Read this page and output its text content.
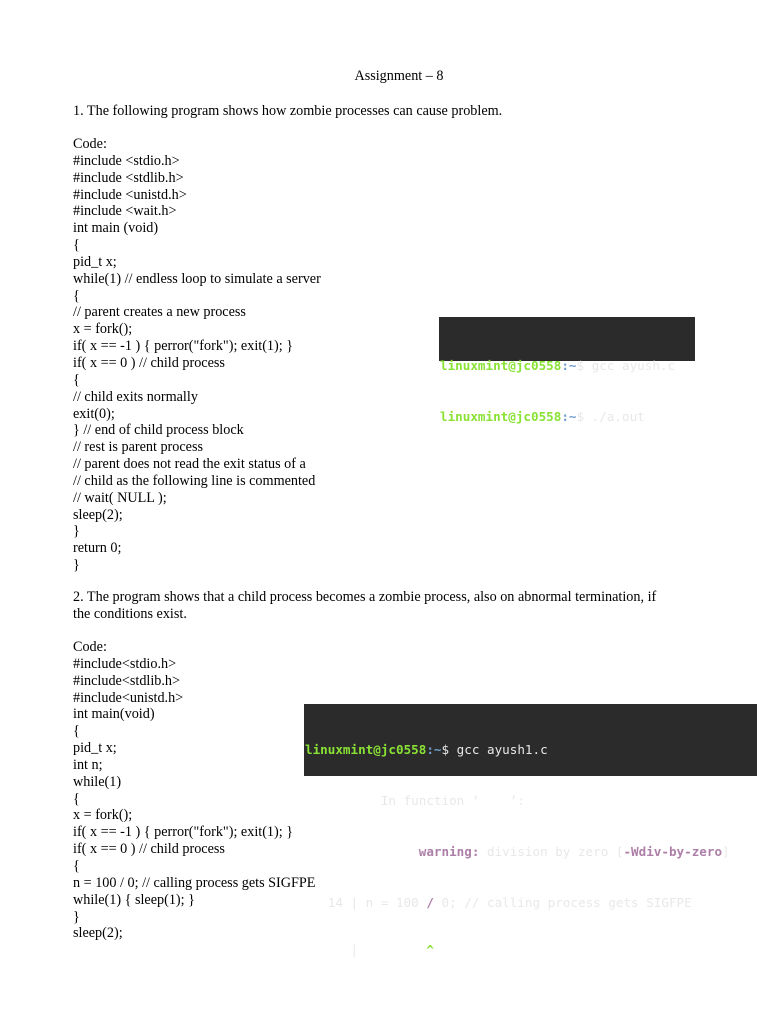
Assignment – 8
1. The following program shows how zombie processes can cause problem.
Code:
#include <stdio.h>
#include <stdlib.h>
#include <unistd.h>
#include <wait.h>
int main (void)
{
pid_t x;
while(1) // endless loop to simulate a server
{
// parent creates a new process
x = fork();
if( x == -1 ) { perror("fork"); exit(1); }
if( x == 0 ) // child process
{
// child exits normally
exit(0);
} // end of child process block
// rest is parent process
// parent does not read the exit status of a
// child as the following line is commented
// wait( NULL );
sleep(2);
}
return 0;
}

linuxmint@jc0558:~$ gcc ayush.c

linuxmint@jc0558:~$ ./a.out

2. The program shows that a child process becomes a zombie process, also on abnormal termination, if the conditions exist.
Code:
#include<stdio.h>
#include<stdlib.h>
#include<unistd.h>
int main(void)
{
pid_t x;
int n;
while(1)
{
x = fork();
if( x == -1 ) { perror("fork"); exit(1); }
if( x == 0 ) // child process
{
n = 100 / 0; // calling process gets SIGFPE
while(1) { sleep(1); }
}
sleep(2);

linuxmint@jc0558:~$ gcc ayush1.c

ayush1.c: In function ‘main’:

ayush1.c:14:9: warning: division by zero [-Wdiv-by-zero]

14 | n = 100 / 0; // calling process gets SIGFPE

|         ^
